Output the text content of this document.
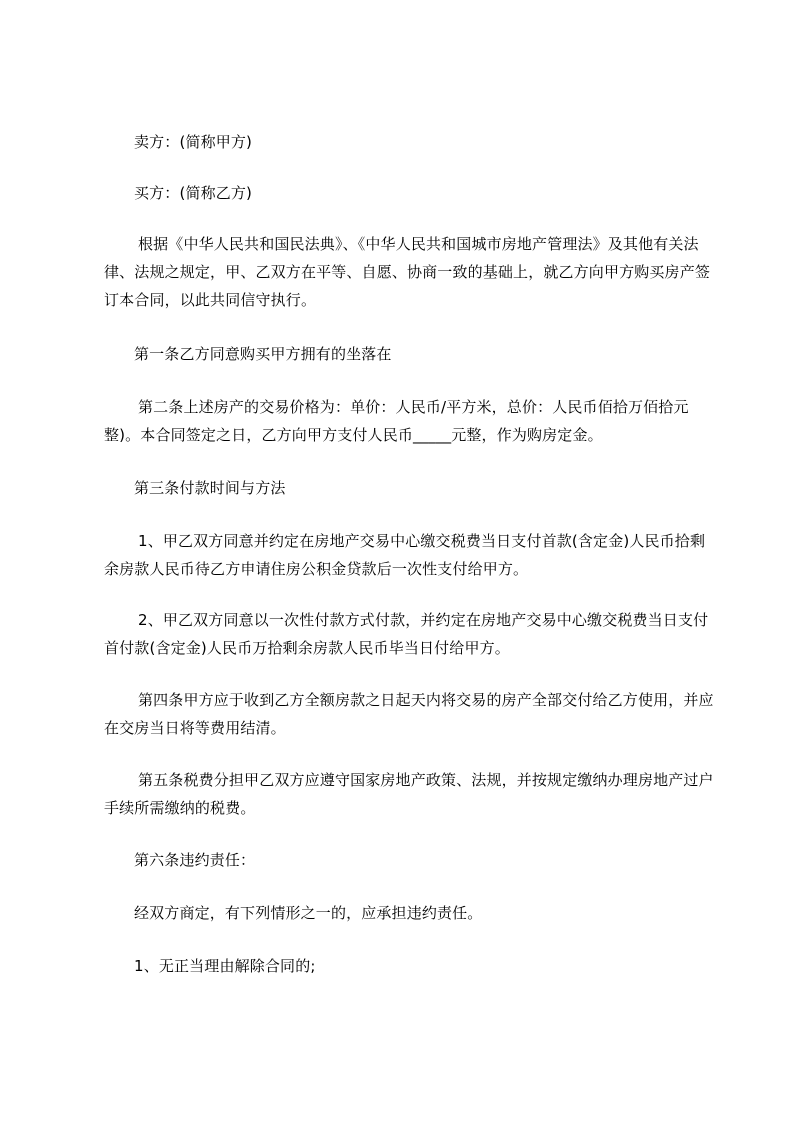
卖方：(简称甲方)

买方：(简称乙方)

根据《中华人民共和国民法典》、《中华人民共和国城市房地产管理法》及其他有关法律、法规之规定，甲、乙双方在平等、自愿、协商一致的基础上，就乙方向甲方购买房产签订本合同，以此共同信守执行。

第一条乙方同意购买甲方拥有的坐落在

第二条上述房产的交易价格为：单价：人民币/平方米，总价：人民币佰拾万佰拾元整)。本合同签定之日，乙方向甲方支付人民币_____元整，作为购房定金。

第三条付款时间与方法

1、甲乙双方同意并约定在房地产交易中心缴交税费当日支付首款(含定金)人民币拾剩余房款人民币待乙方申请住房公积金贷款后一次性支付给甲方。

2、甲乙双方同意以一次性付款方式付款，并约定在房地产交易中心缴交税费当日支付首付款(含定金)人民币万拾剩余房款人民币毕当日付给甲方。

第四条甲方应于收到乙方全额房款之日起天内将交易的房产全部交付给乙方使用，并应在交房当日将等费用结清。

第五条税费分担甲乙双方应遵守国家房地产政策、法规，并按规定缴纳办理房地产过户手续所需缴纳的税费。

第六条违约责任：

经双方商定，有下列情形之一的，应承担违约责任。

1、无正当理由解除合同的;
